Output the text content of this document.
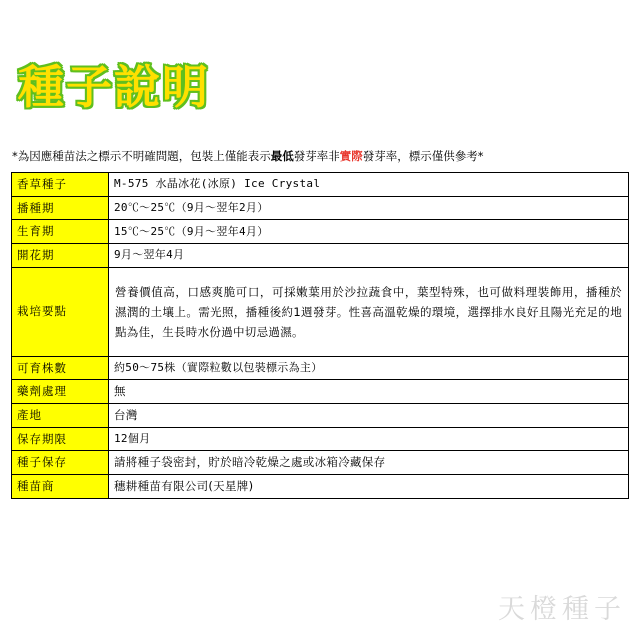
種子說明
*為因應種苗法之標示不明確問題，包裝上僅能表示最低發芽率非實際發芽率，標示僅供參考*
香草種子	M-575 水晶冰花(冰原) Ice Crystal
播種期	20℃～25℃（9月～翌年2月）
生育期	15℃～25℃（9月～翌年4月）
開花期	9月～翌年4月
栽培要點	營養價值高，口感爽脆可口，可採嫩葉用於沙拉蔬食中，葉型特殊，也可做料理裝飾用，播種於濕潤的土壤上。需光照，播種後約1週發芽。性喜高溫乾燥的環境，選擇排水良好且陽光充足的地點為佳，生長時水份過中切忌過濕。
可育株數	約50～75株（實際粒數以包裝標示為主）
藥劑處理	無
產地	台灣
保存期限	12個月
種子保存	請將種子袋密封，貯於暗冷乾燥之處或冰箱冷藏保存
種苗商	穗耕種苗有限公司(天星牌)
天橙種子
